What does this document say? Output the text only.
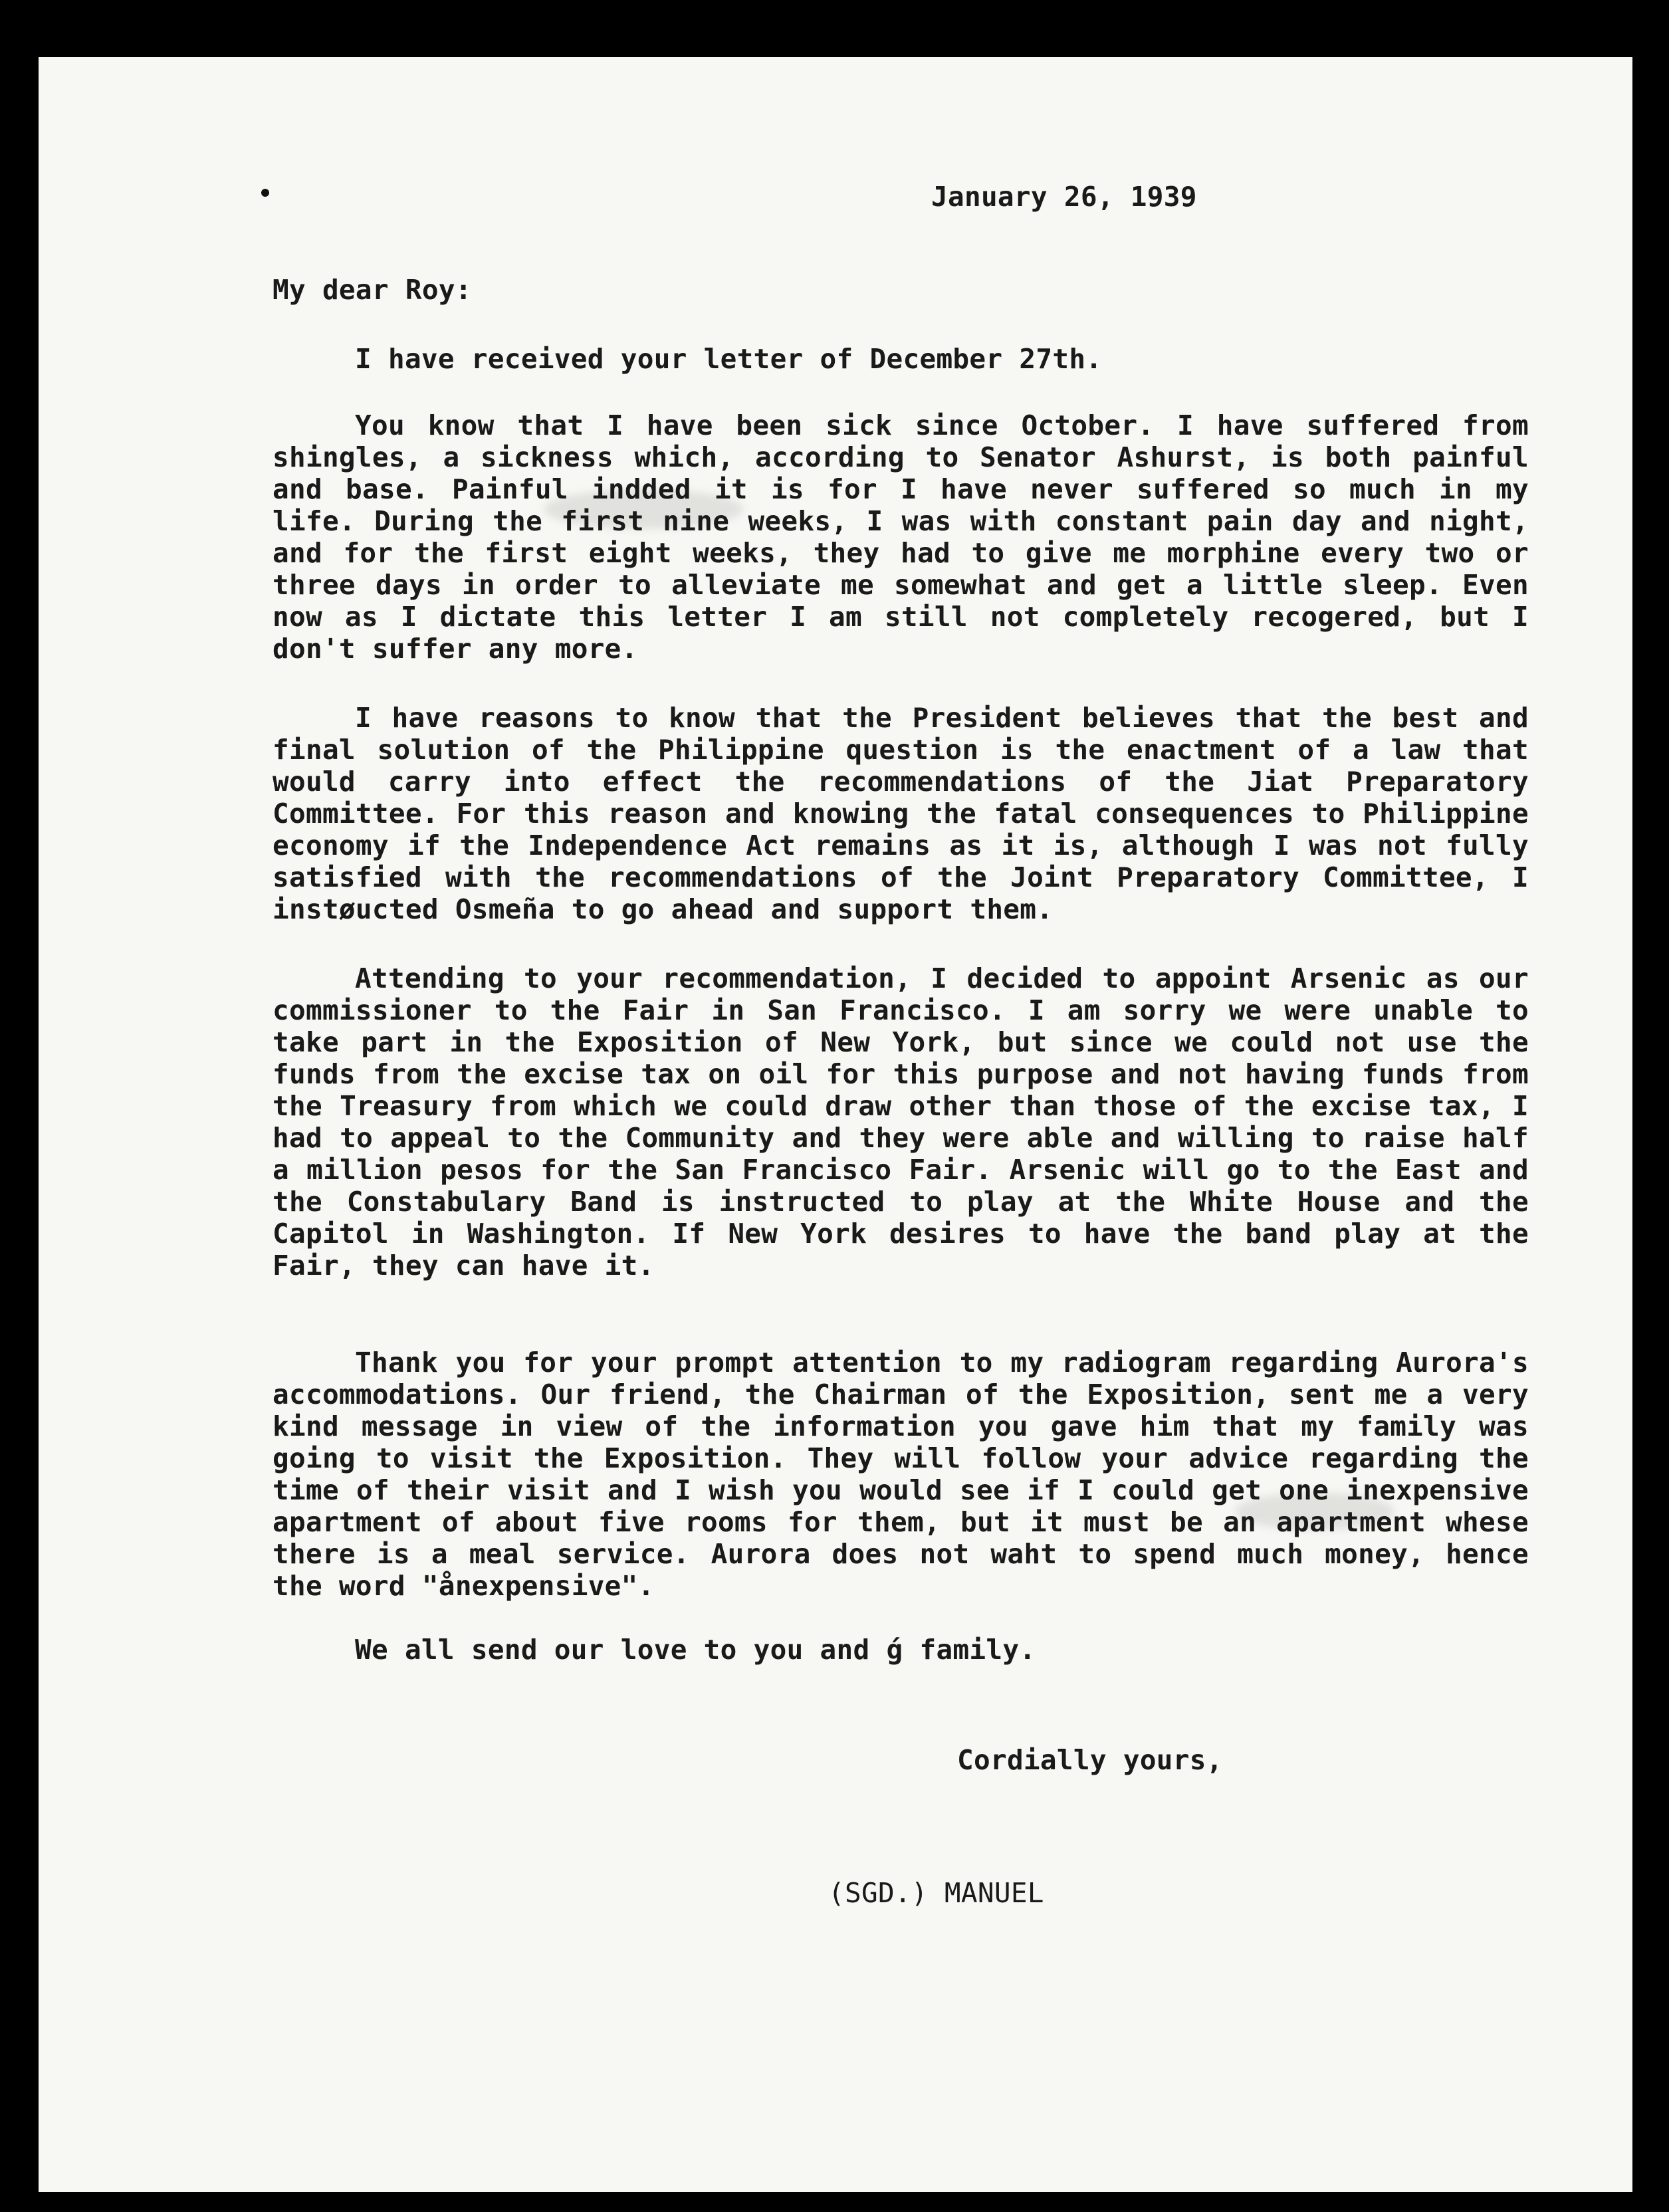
January 26, 1939
My dear Roy:
I have received your letter of December 27th.
You know that I have been sick since October. I have suffered from shingles, a sickness which, according to Senator Ashurst, is both painful and base. Painful indded it is for I have never suffered so much in my life. During the first nine weeks, I was with constant pain day and night, and for the first eight weeks, they had to give me morphine every two or three days in order to alleviate me somewhat and get a little sleep. Even now as I dictate this letter I am still not completely recogered, but I don't suffer any more.
I have reasons to know that the President believes that the best and final solution of the Philippine question is the enactment of a law that would carry into effect the recommendations of the Jiat Preparatory Committee. For this reason and knowing the fatal consequences to Philippine economy if the Independence Act remains as it is, although I was not fully satisfied with the recommendations of the Joint Preparatory Committee, I instøucted Osmeña to go ahead and support them.
Attending to your recommendation, I decided to appoint Arsenic as our commissioner to the Fair in San Francisco. I am sorry we were unable to take part in the Exposition of New York, but since we could not use the funds from the excise tax on oil for this purpose and not having funds from the Treasury from which we could draw other than those of the excise tax, I had to appeal to the Community and they were able and willing to raise half a million pesos for the San Francisco Fair. Arsenic will go to the East and the Constabulary Band is instructed to play at the White House and the Capitol in Washington. If New York desires to have the band play at the Fair, they can have it.
Thank you for your prompt attention to my radiogram regarding Aurora's accommodations. Our friend, the Chairman of the Exposition, sent me a very kind message in view of the information you gave him that my family was going to visit the Exposition. They will follow your advice regarding the time of their visit and I wish you would see if I could get one inexpensive apartment of about five rooms for them, but it must be an apartment whese there is a meal service. Aurora does not waht to spend much money, hence the word "ånexpensive".
We all send our love to you and ǵ family.
Cordially yours,
(SGD.) MANUEL
